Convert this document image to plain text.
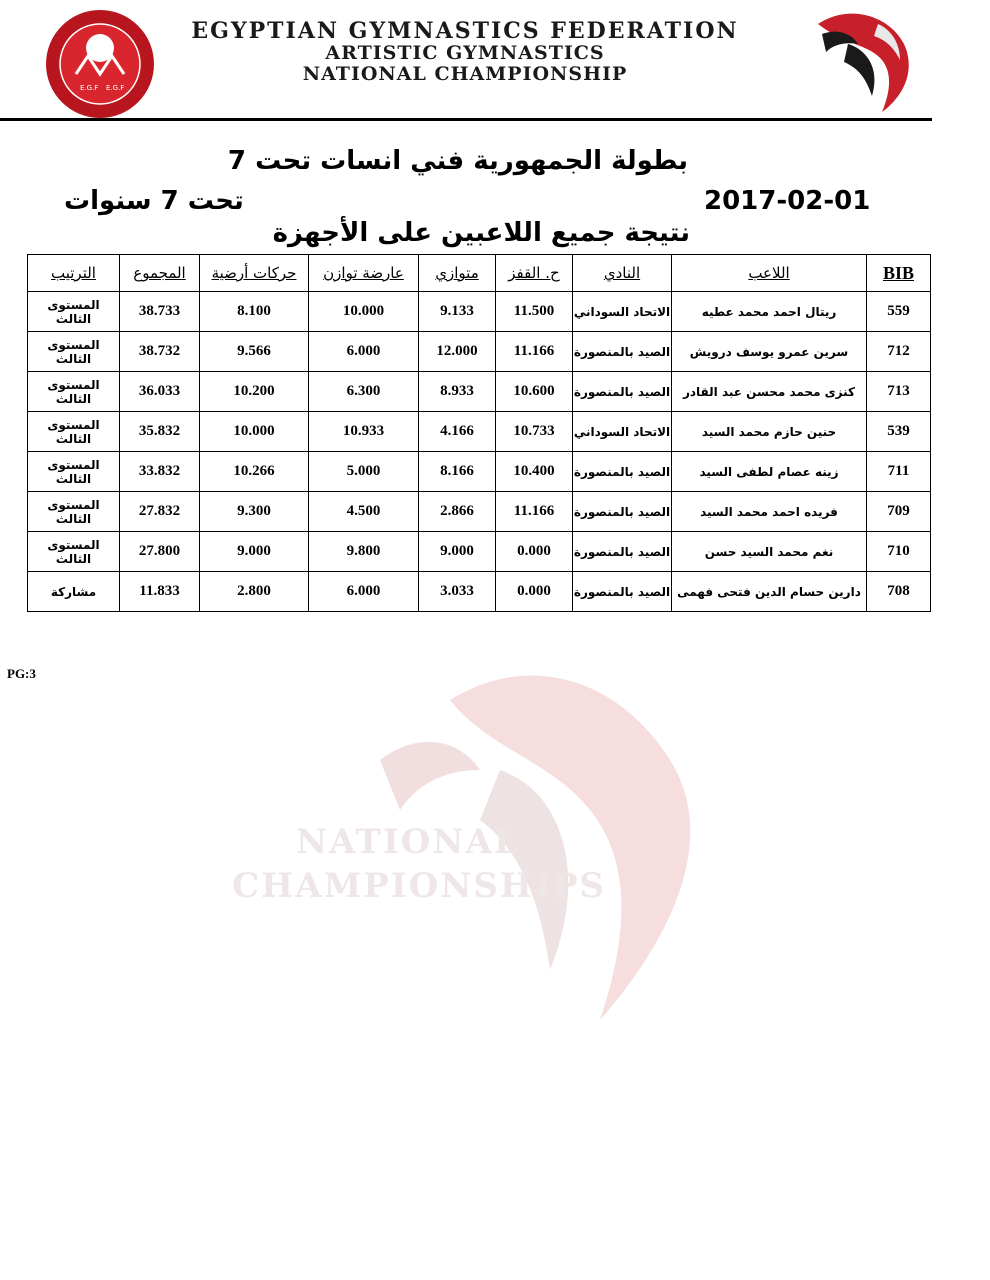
NATIONAL
CHAMPIONSHIPS
E.G.F E.G.F
EGYPTIAN GYMNASTICS FEDERATION
ARTISTIC GYMNASTICS
NATIONAL CHAMPIONSHIP
بطولة الجمهورية فني انسات تحت 7
تحت 7 سنوات	2017-02-01
نتيجة جميع اللاعبين على الأجهزة
BIB	اللاعب	النادي	ح. القفز	متوازي	عارضة توازن	حركات أرضية	المجموع	الترتيب
559	ريتال احمد محمد عطيه	الاتحاد السوداني	11.500	9.133	10.000	8.100	38.733	المستوى الثالث
712	سرين عمرو يوسف درويش	الصيد بالمنصورة	11.166	12.000	6.000	9.566	38.732	المستوى الثالث
713	كنزى محمد محسن عبد القادر	الصيد بالمنصورة	10.600	8.933	6.300	10.200	36.033	المستوى الثالث
539	حنين حازم محمد السيد	الاتحاد السوداني	10.733	4.166	10.933	10.000	35.832	المستوى الثالث
711	زينه عصام لطفى السيد	الصيد بالمنصورة	10.400	8.166	5.000	10.266	33.832	المستوى الثالث
709	فريده احمد محمد السيد	الصيد بالمنصورة	11.166	2.866	4.500	9.300	27.832	المستوى الثالث
710	نغم محمد السيد حسن	الصيد بالمنصورة	0.000	9.000	9.800	9.000	27.800	المستوى الثالث
708	دارين حسام الدين فتحى فهمى	الصيد بالمنصورة	0.000	3.033	6.000	2.800	11.833	مشاركة
PG:3
